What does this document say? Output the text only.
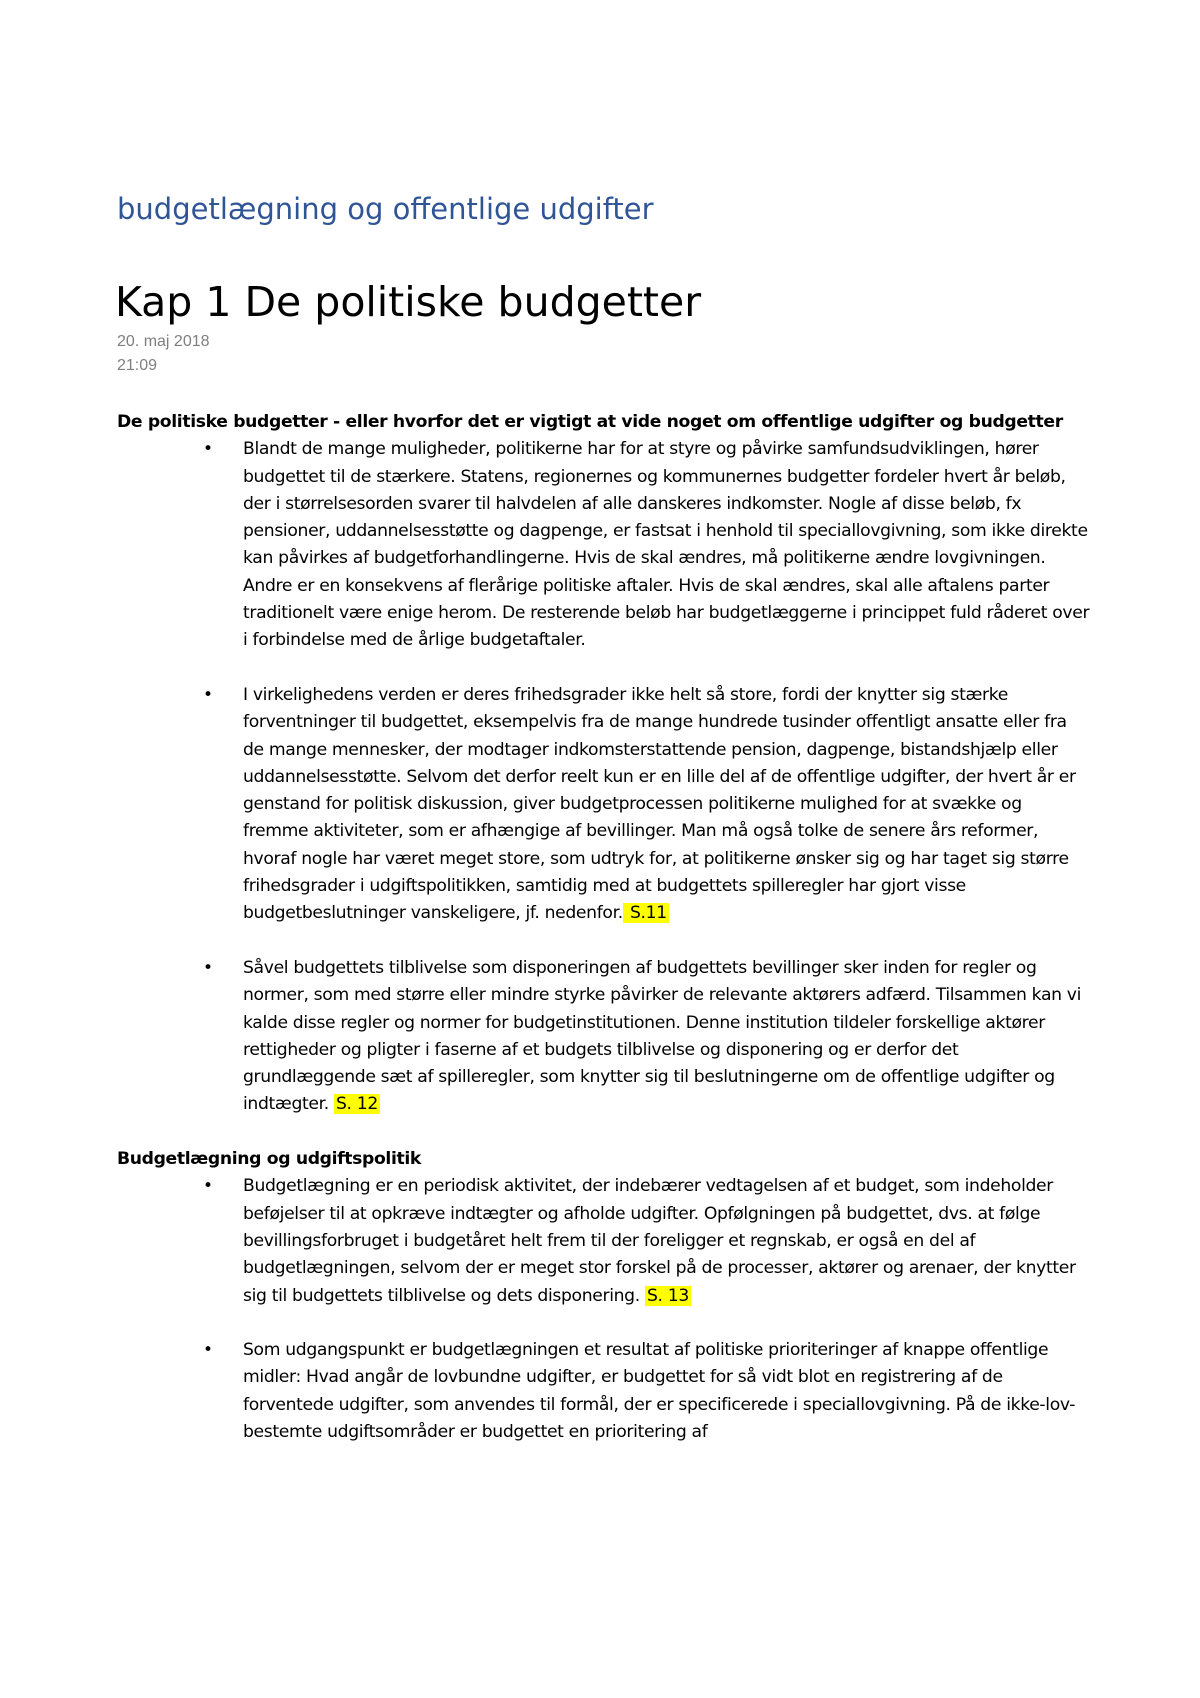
budgetlægning og offentlige udgifter
Kap 1 De politiske budgetter
20. maj 2018
21:09

De politiske budgetter - eller hvorfor det er vigtigt at vide noget om offentlige udgifter og budgetter

• Blandt de mange muligheder, politikerne har for at styre og påvirke samfundsudviklingen, hører budgettet til de stærkere. Statens, regionernes og kommunernes budgetter fordeler hvert år beløb, der i størrelsesorden svarer til halvdelen af alle danskeres indkomster. Nogle af disse beløb, fx pensioner, uddannelsesstøtte og dagpenge, er fastsat i henhold til speciallovgivning, som ikke direkte kan påvirkes af budgetforhandlingerne. Hvis de skal ændres, må politikerne ændre lovgivningen. Andre er en konsekvens af flerårige politiske aftaler. Hvis de skal ændres, skal alle aftalens parter traditionelt være enige herom. De resterende beløb har budgetlæggerne i princippet fuld råderet over i forbindelse med de årlige budgetaftaler.
• I virkelighedens verden er deres frihedsgrader ikke helt så store, fordi der knytter sig stærke forventninger til budgettet, eksempelvis fra de mange hundrede tusinder offentligt ansatte eller fra de mange mennesker, der modtager indkomsterstattende pension, dagpenge, bistandshjælp eller uddannelsesstøtte. Selvom det derfor reelt kun er en lille del af de offentlige udgifter, der hvert år er genstand for politisk diskussion, giver budgetprocessen politikerne mulighed for at svække og fremme aktiviteter, som er afhængige af bevillinger. Man må også tolke de senere års reformer, hvoraf nogle har været meget store, som udtryk for, at politikerne ønsker sig og har taget sig større frihedsgrader i udgiftspolitikken, samtidig med at budgettets spilleregler har gjort visse budgetbeslutninger vanskeligere, jf. nedenfor. S.11
• Såvel budgettets tilblivelse som disponeringen af budgettets bevillinger sker inden for regler og normer, som med større eller mindre styrke påvirker de relevante aktørers adfærd. Tilsammen kan vi kalde disse regler og normer for budgetinstitutionen. Denne institution tildeler forskellige aktører rettigheder og pligter i faserne af et budgets tilblivelse og disponering og er derfor det grundlæggende sæt af spilleregler, som knytter sig til beslutningerne om de offentlige udgifter og indtægter. S. 12

Budgetlægning og udgiftspolitik

• Budgetlægning er en periodisk aktivitet, der indebærer vedtagelsen af et budget, som indeholder beføjelser til at opkræve indtægter og afholde udgifter. Opfølgningen på budgettet, dvs. at følge bevillingsforbruget i budgetåret helt frem til der foreligger et regnskab, er også en del af budgetlægningen, selvom der er meget stor forskel på de processer, aktører og arenaer, der knytter sig til budgettets tilblivelse og dets disponering. S. 13
• Som udgangspunkt er budgetlægningen et resultat af politiske prioriteringer af knappe offentlige midler: Hvad angår de lovbundne udgifter, er budgettet for så vidt blot en registrering af de forventede udgifter, som anvendes til formål, der er specificerede i speciallovgivning. På de ikke-lov- bestemte udgiftsområder er budgettet en prioritering af
